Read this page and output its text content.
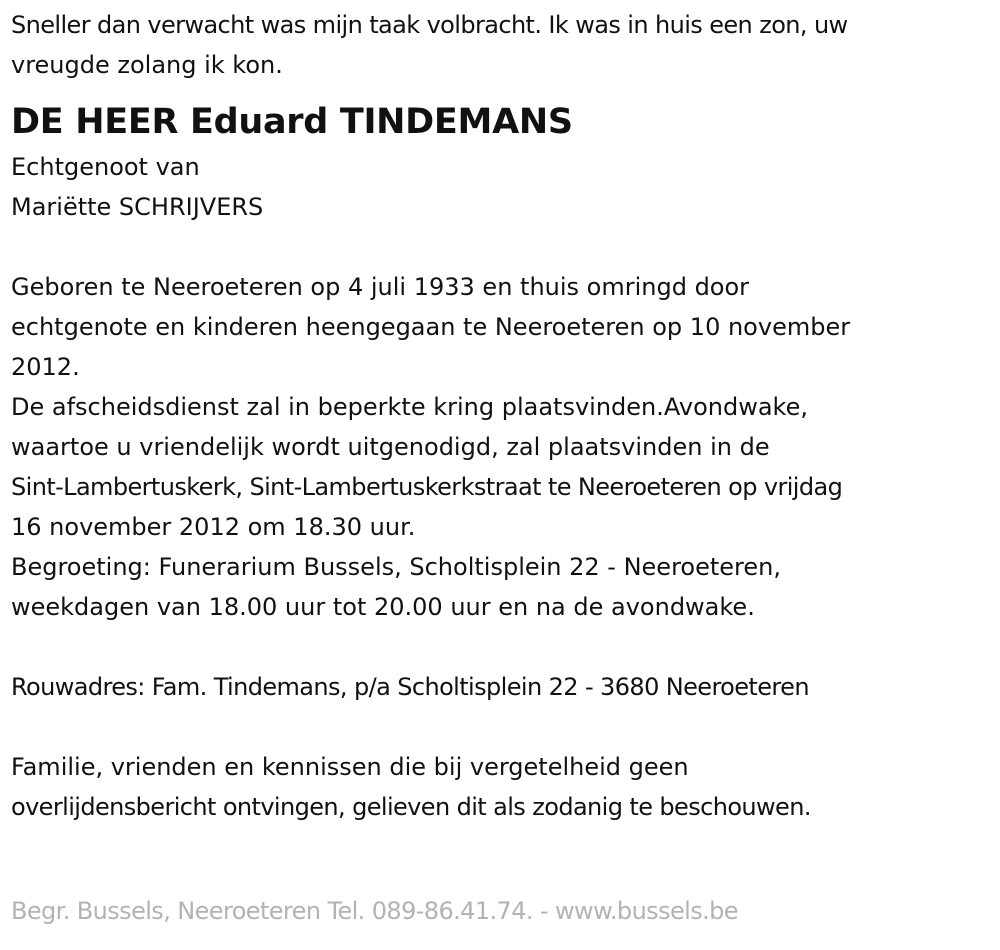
Sneller dan verwacht was mijn taak volbracht. Ik was in huis een zon, uw

vreugde zolang ik kon.

DE HEER Eduard TINDEMANS

Echtgenoot van

Mariëtte SCHRIJVERS

Geboren te Neeroeteren op 4 juli 1933 en thuis omringd door

echtgenote en kinderen heengegaan te Neeroeteren op 10 november

2012.

De afscheidsdienst zal in beperkte kring plaatsvinden.Avondwake,

waartoe u vriendelijk wordt uitgenodigd, zal plaatsvinden in de

Sint-Lambertuskerk, Sint-Lambertuskerkstraat te Neeroeteren op vrijdag

16 november 2012 om 18.30 uur.

Begroeting: Funerarium Bussels, Scholtisplein 22 - Neeroeteren,

weekdagen van 18.00 uur tot 20.00 uur en na de avondwake.

Rouwadres: Fam. Tindemans, p/a Scholtisplein 22 - 3680 Neeroeteren

Familie, vrienden en kennissen die bij vergetelheid geen

overlijdensbericht ontvingen, gelieven dit als zodanig te beschouwen.

Begr. Bussels, Neeroeteren Tel. 089-86.41.74. - www.bussels.be
